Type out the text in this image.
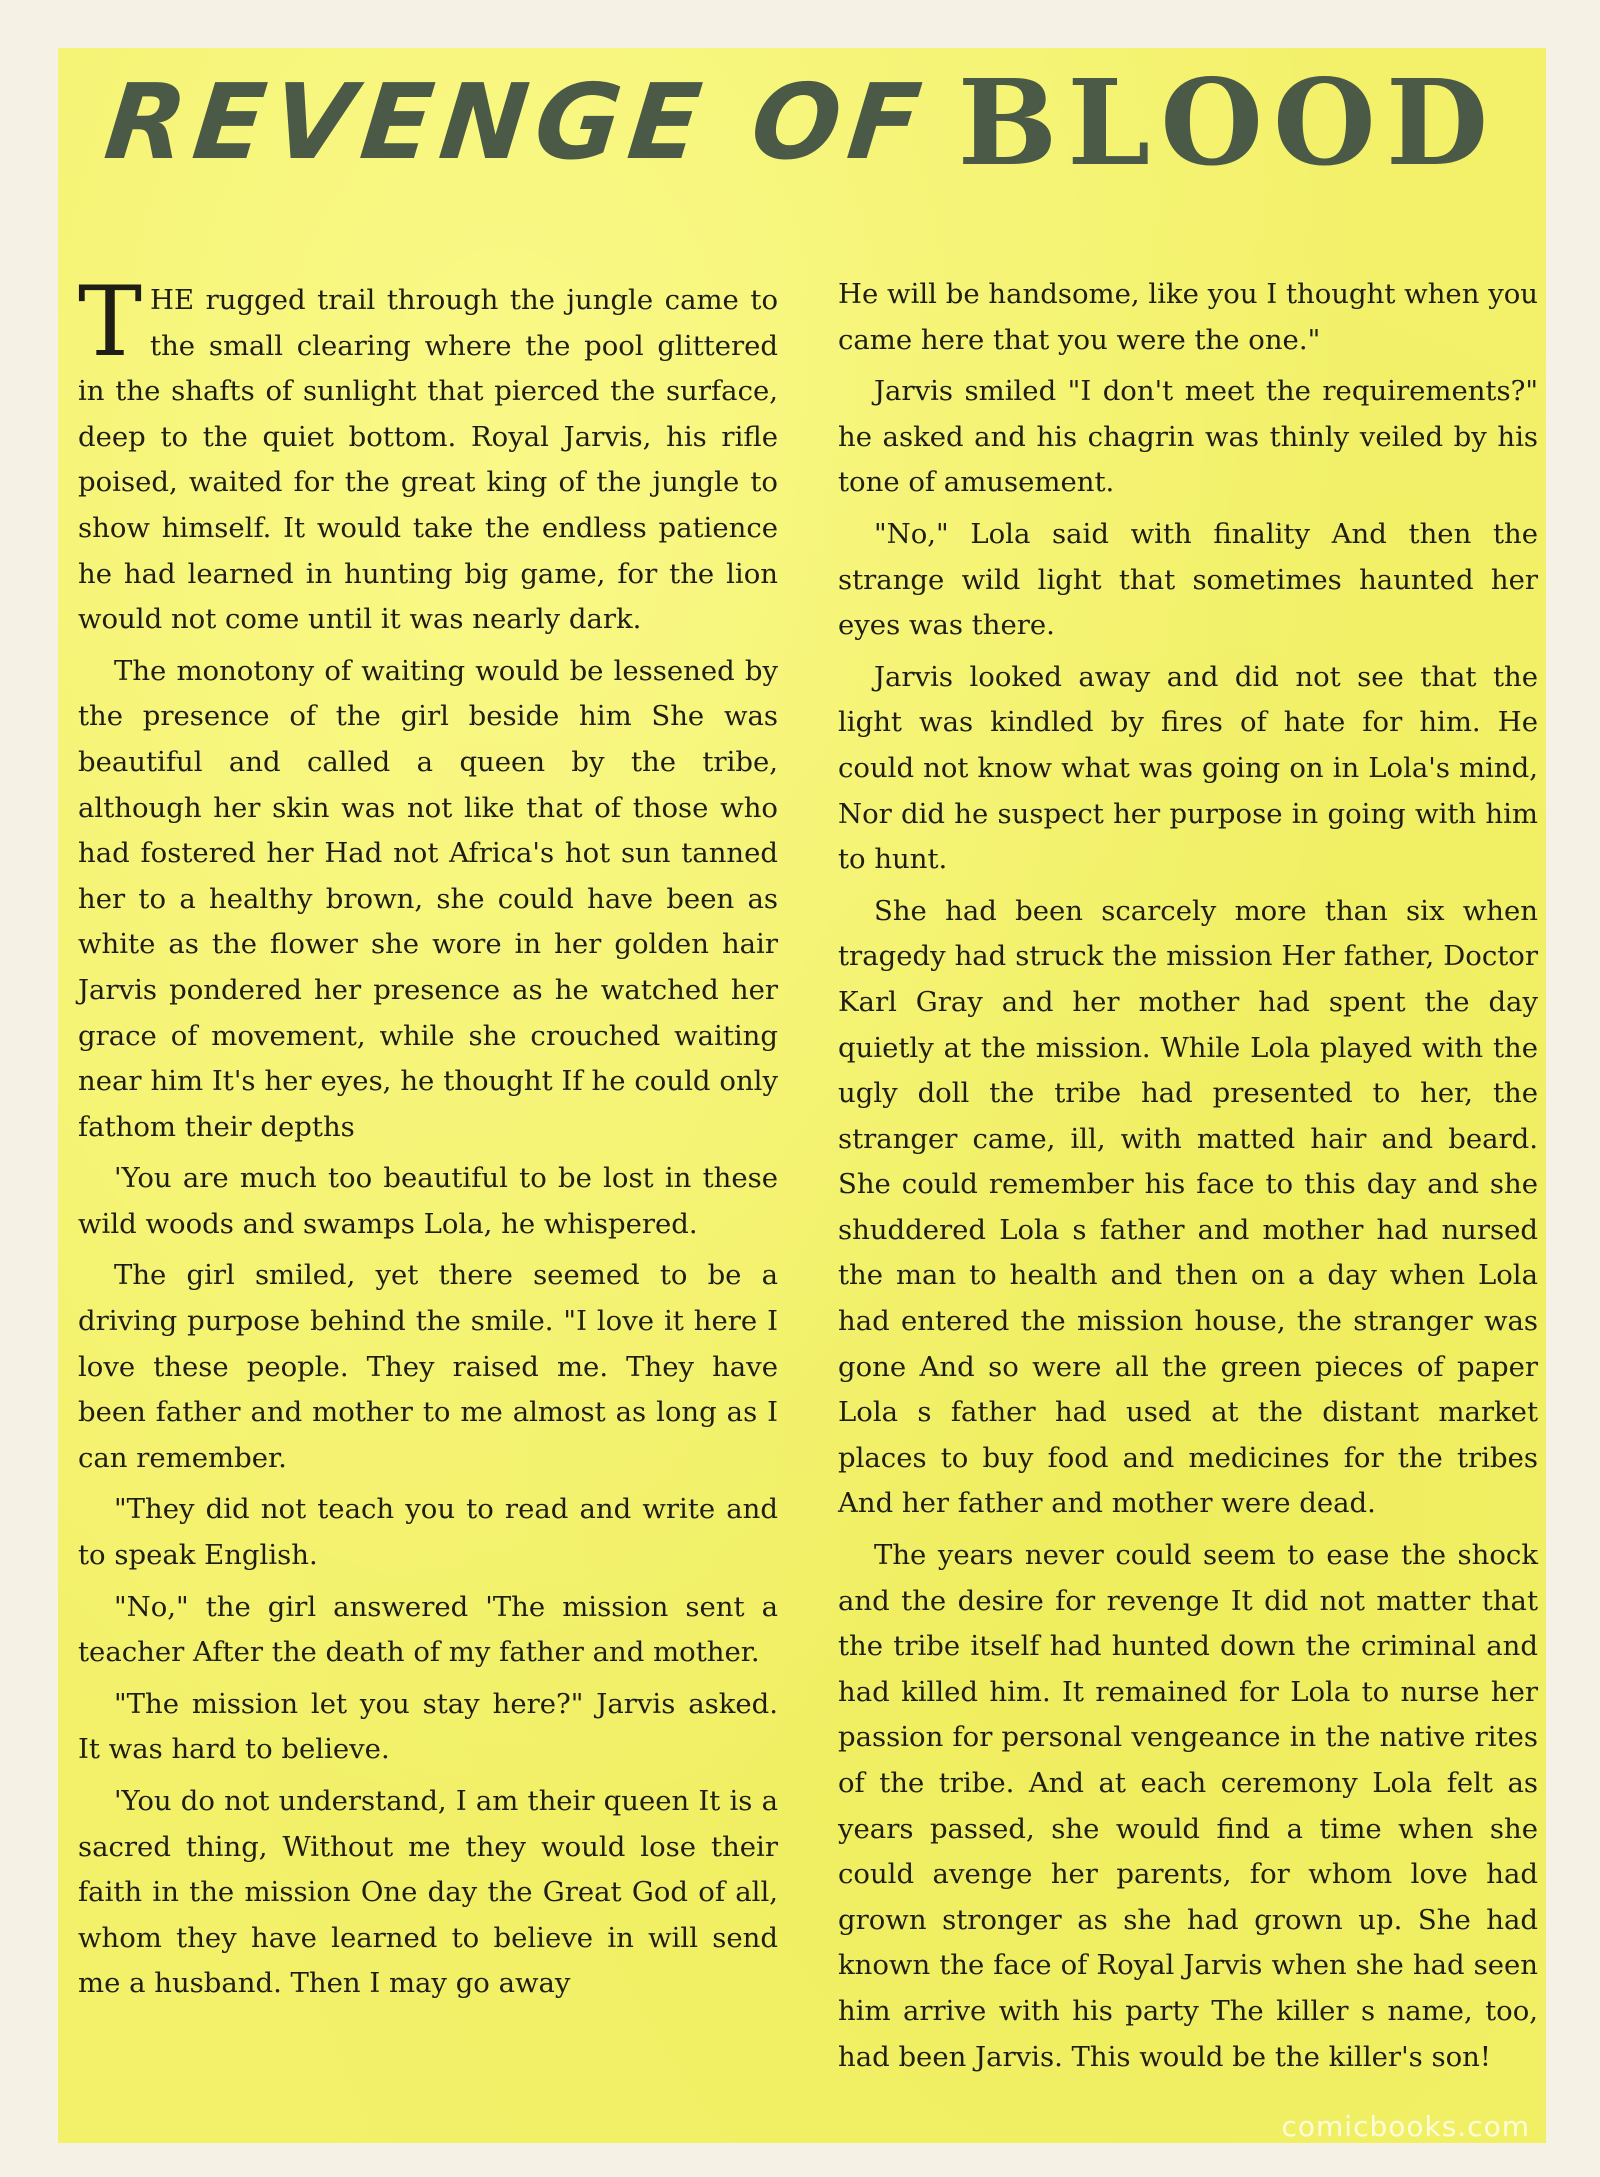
REVENGE OF BLOOD

THE rugged trail through the jungle came to the small clearing where the pool glittered in the shafts of sunlight that pierced the surface, deep to the quiet bottom. Royal Jarvis, his rifle poised, waited for the great king of the jungle to show himself. It would take the endless patience he had learned in hunting big game, for the lion would not come until it was nearly dark.

The monotony of waiting would be lessened by the presence of the girl beside him She was beautiful and called a queen by the tribe, although her skin was not like that of those who had fostered her Had not Africa's hot sun tanned her to a healthy brown, she could have been as white as the flower she wore in her golden hair Jarvis pondered her presence as he watched her grace of movement, while she crouched waiting near him It's her eyes, he thought If he could only fathom their depths

'You are much too beautiful to be lost in these wild woods and swamps Lola, he whispered.

The girl smiled, yet there seemed to be a driving purpose behind the smile. "I love it here I love these people. They raised me. They have been father and mother to me almost as long as I can remember.

"They did not teach you to read and write and to speak English.

"No," the girl answered 'The mission sent a teacher After the death of my father and mother.

"The mission let you stay here?" Jarvis asked. It was hard to believe.

'You do not understand, I am their queen It is a sacred thing, Without me they would lose their faith in the mission One day the Great God of all, whom they have learned to believe in will send me a husband. Then I may go away

He will be handsome, like you I thought when you came here that you were the one."

Jarvis smiled "I don't meet the requirements?" he asked and his chagrin was thinly veiled by his tone of amusement.

"No," Lola said with finality And then the strange wild light that sometimes haunted her eyes was there.

Jarvis looked away and did not see that the light was kindled by fires of hate for him. He could not know what was going on in Lola's mind, Nor did he suspect her purpose in going with him to hunt.

She had been scarcely more than six when tragedy had struck the mission Her father, Doctor Karl Gray and her mother had spent the day quietly at the mission. While Lola played with the ugly doll the tribe had presented to her, the stranger came, ill, with matted hair and beard. She could remember his face to this day and she shuddered Lola s father and mother had nursed the man to health and then on a day when Lola had entered the mission house, the stranger was gone And so were all the green pieces of paper Lola s father had used at the distant market places to buy food and medicines for the tribes And her father and mother were dead.

The years never could seem to ease the shock and the desire for revenge It did not matter that the tribe itself had hunted down the criminal and had killed him. It remained for Lola to nurse her passion for personal vengeance in the native rites of the tribe. And at each ceremony Lola felt as years passed, she would find a time when she could avenge her parents, for whom love had grown stronger as she had grown up. She had known the face of Royal Jarvis when she had seen him arrive with his party The killer s name, too, had been Jarvis. This would be the killer's son!

comicbooks.com
